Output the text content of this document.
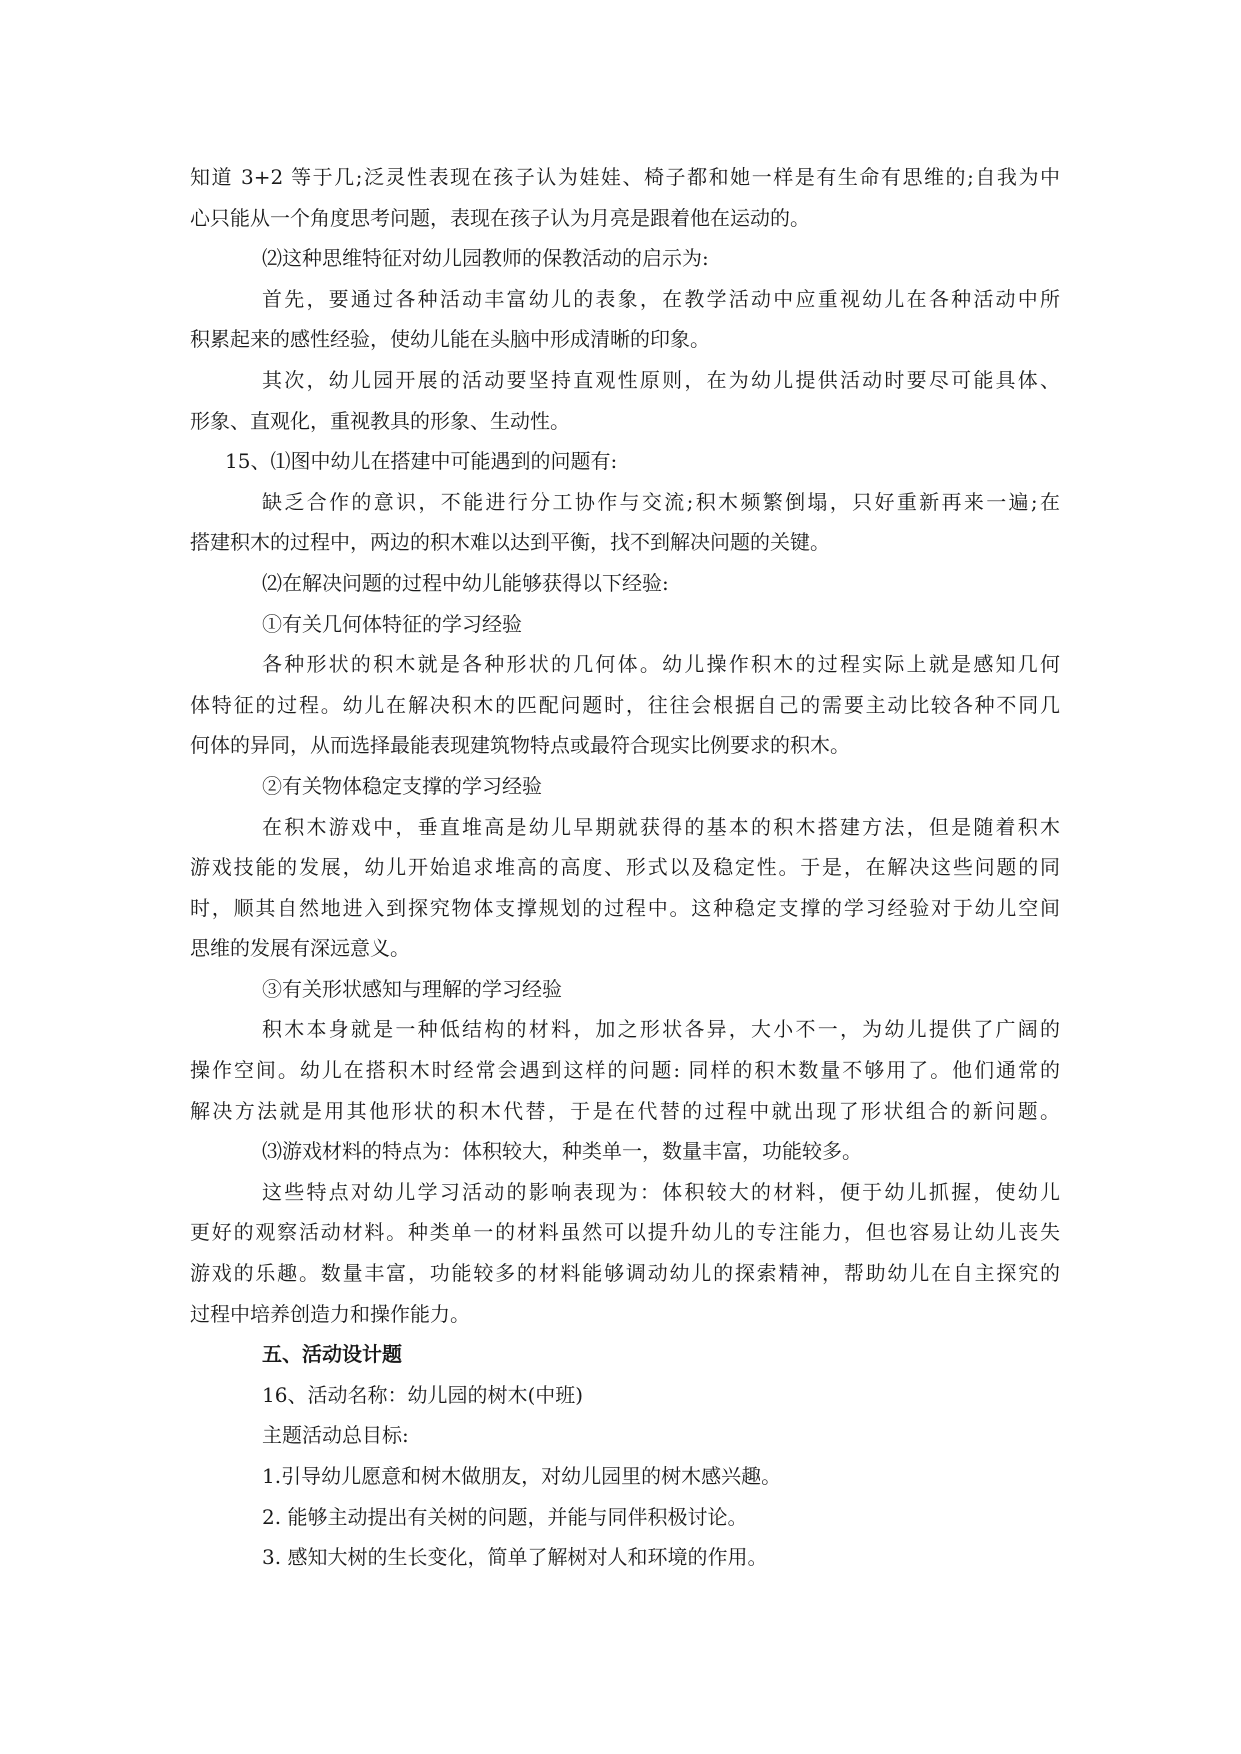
知道 3+2 等于几;泛灵性表现在孩子认为娃娃、椅子都和她一样是有生命有思维的;自我为中
心只能从一个角度思考问题，表现在孩子认为月亮是跟着他在运动的。
⑵这种思维特征对幼儿园教师的保教活动的启示为:
首先，要通过各种活动丰富幼儿的表象，在教学活动中应重视幼儿在各种活动中所
积累起来的感性经验，使幼儿能在头脑中形成清晰的印象。
其次，幼儿园开展的活动要坚持直观性原则，在为幼儿提供活动时要尽可能具体、
形象、直观化，重视教具的形象、生动性。
15、⑴图中幼儿在搭建中可能遇到的问题有:
缺乏合作的意识，不能进行分工协作与交流;积木频繁倒塌，只好重新再来一遍;在
搭建积木的过程中，两边的积木难以达到平衡，找不到解决问题的关键。
⑵在解决问题的过程中幼儿能够获得以下经验:
①有关几何体特征的学习经验
各种形状的积木就是各种形状的几何体。幼儿操作积木的过程实际上就是感知几何
体特征的过程。幼儿在解决积木的匹配问题时，往往会根据自己的需要主动比较各种不同几
何体的异同，从而选择最能表现建筑物特点或最符合现实比例要求的积木。
②有关物体稳定支撑的学习经验
在积木游戏中，垂直堆高是幼儿早期就获得的基本的积木搭建方法，但是随着积木
游戏技能的发展，幼儿开始追求堆高的高度、形式以及稳定性。于是，在解决这些问题的同
时，顺其自然地进入到探究物体支撑规划的过程中。这种稳定支撑的学习经验对于幼儿空间
思维的发展有深远意义。
③有关形状感知与理解的学习经验
积木本身就是一种低结构的材料，加之形状各异，大小不一，为幼儿提供了广阔的
操作空间。幼儿在搭积木时经常会遇到这样的问题: 同样的积木数量不够用了。他们通常的
解决方法就是用其他形状的积木代替，于是在代替的过程中就出现了形状组合的新问题。
⑶游戏材料的特点为：体积较大，种类单一，数量丰富，功能较多。
这些特点对幼儿学习活动的影响表现为：体积较大的材料，便于幼儿抓握，使幼儿
更好的观察活动材料。种类单一的材料虽然可以提升幼儿的专注能力，但也容易让幼儿丧失
游戏的乐趣。数量丰富，功能较多的材料能够调动幼儿的探索精神，帮助幼儿在自主探究的
过程中培养创造力和操作能力。
五、活动设计题
16、活动名称：幼儿园的树木(中班)
主题活动总目标:
1.引导幼儿愿意和树木做朋友，对幼儿园里的树木感兴趣。
2. 能够主动提出有关树的问题，并能与同伴积极讨论。
3. 感知大树的生长变化，简单了解树对人和环境的作用。
